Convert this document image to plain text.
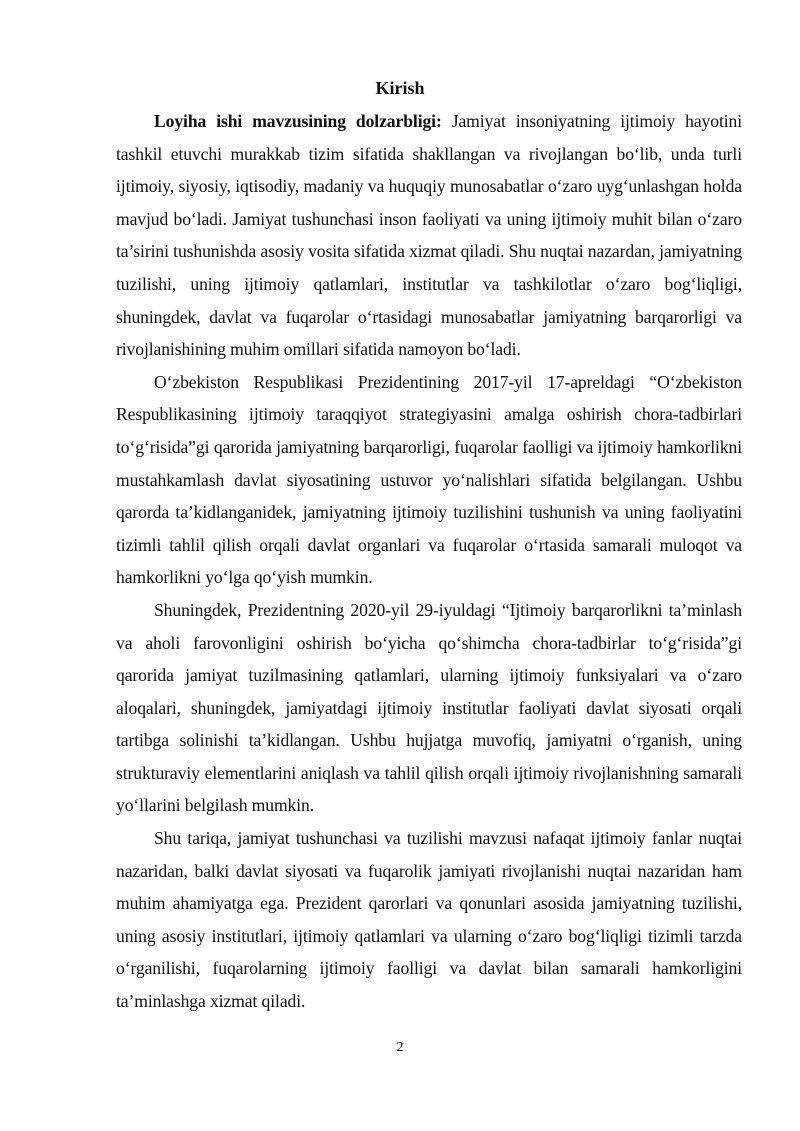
Kirish

Loyiha ishi mavzusining dolzarbligi: Jamiyat insoniyatning ijtimoiy hayotini tashkil etuvchi murakkab tizim sifatida shakllangan va rivojlangan bo‘lib, unda turli ijtimoiy, siyosiy, iqtisodiy, madaniy va huquqiy munosabatlar o‘zaro uyg‘unlashgan holda mavjud bo‘ladi. Jamiyat tushunchasi inson faoliyati va uning ijtimoiy muhit bilan o‘zaro ta’sirini tushunishda asosiy vosita sifatida xizmat qiladi. Shu nuqtai nazardan, jamiyatning tuzilishi, uning ijtimoiy qatlamlari, institutlar va tashkilotlar o‘zaro bog‘liqligi, shuningdek, davlat va fuqarolar o‘rtasidagi munosabatlar jamiyatning barqarorligi va rivojlanishining muhim omillari sifatida namoyon bo‘ladi.

O‘zbekiston Respublikasi Prezidentining 2017-yil 17-apreldagi “O‘zbekiston Respublikasining ijtimoiy taraqqiyot strategiyasini amalga oshirish chora-tadbirlari to‘g‘risida”gi qarorida jamiyatning barqarorligi, fuqarolar faolligi va ijtimoiy hamkorlikni mustahkamlash davlat siyosatining ustuvor yo‘nalishlari sifatida belgilangan. Ushbu qarorda ta’kidlanganidek, jamiyatning ijtimoiy tuzilishini tushunish va uning faoliyatini tizimli tahlil qilish orqali davlat organlari va fuqarolar o‘rtasida samarali muloqot va hamkorlikni yo‘lga qo‘yish mumkin.

Shuningdek, Prezidentning 2020-yil 29-iyuldagi “Ijtimoiy barqarorlikni ta’minlash va aholi farovonligini oshirish bo‘yicha qo‘shimcha chora-tadbirlar to‘g‘risida”gi qarorida jamiyat tuzilmasining qatlamlari, ularning ijtimoiy funksiyalari va o‘zaro aloqalari, shuningdek, jamiyatdagi ijtimoiy institutlar faoliyati davlat siyosati orqali tartibga solinishi ta’kidlangan. Ushbu hujjatga muvofiq, jamiyatni o‘rganish, uning strukturaviy elementlarini aniqlash va tahlil qilish orqali ijtimoiy rivojlanishning samarali yo‘llarini belgilash mumkin.

Shu tariqa, jamiyat tushunchasi va tuzilishi mavzusi nafaqat ijtimoiy fanlar nuqtai nazaridan, balki davlat siyosati va fuqarolik jamiyati rivojlanishi nuqtai nazaridan ham muhim ahamiyatga ega. Prezident qarorlari va qonunlari asosida jamiyatning tuzilishi, uning asosiy institutlari, ijtimoiy qatlamlari va ularning o‘zaro bog‘liqligi tizimli tarzda o‘rganilishi, fuqarolarning ijtimoiy faolligi va davlat bilan samarali hamkorligini ta’minlashga xizmat qiladi.

2
